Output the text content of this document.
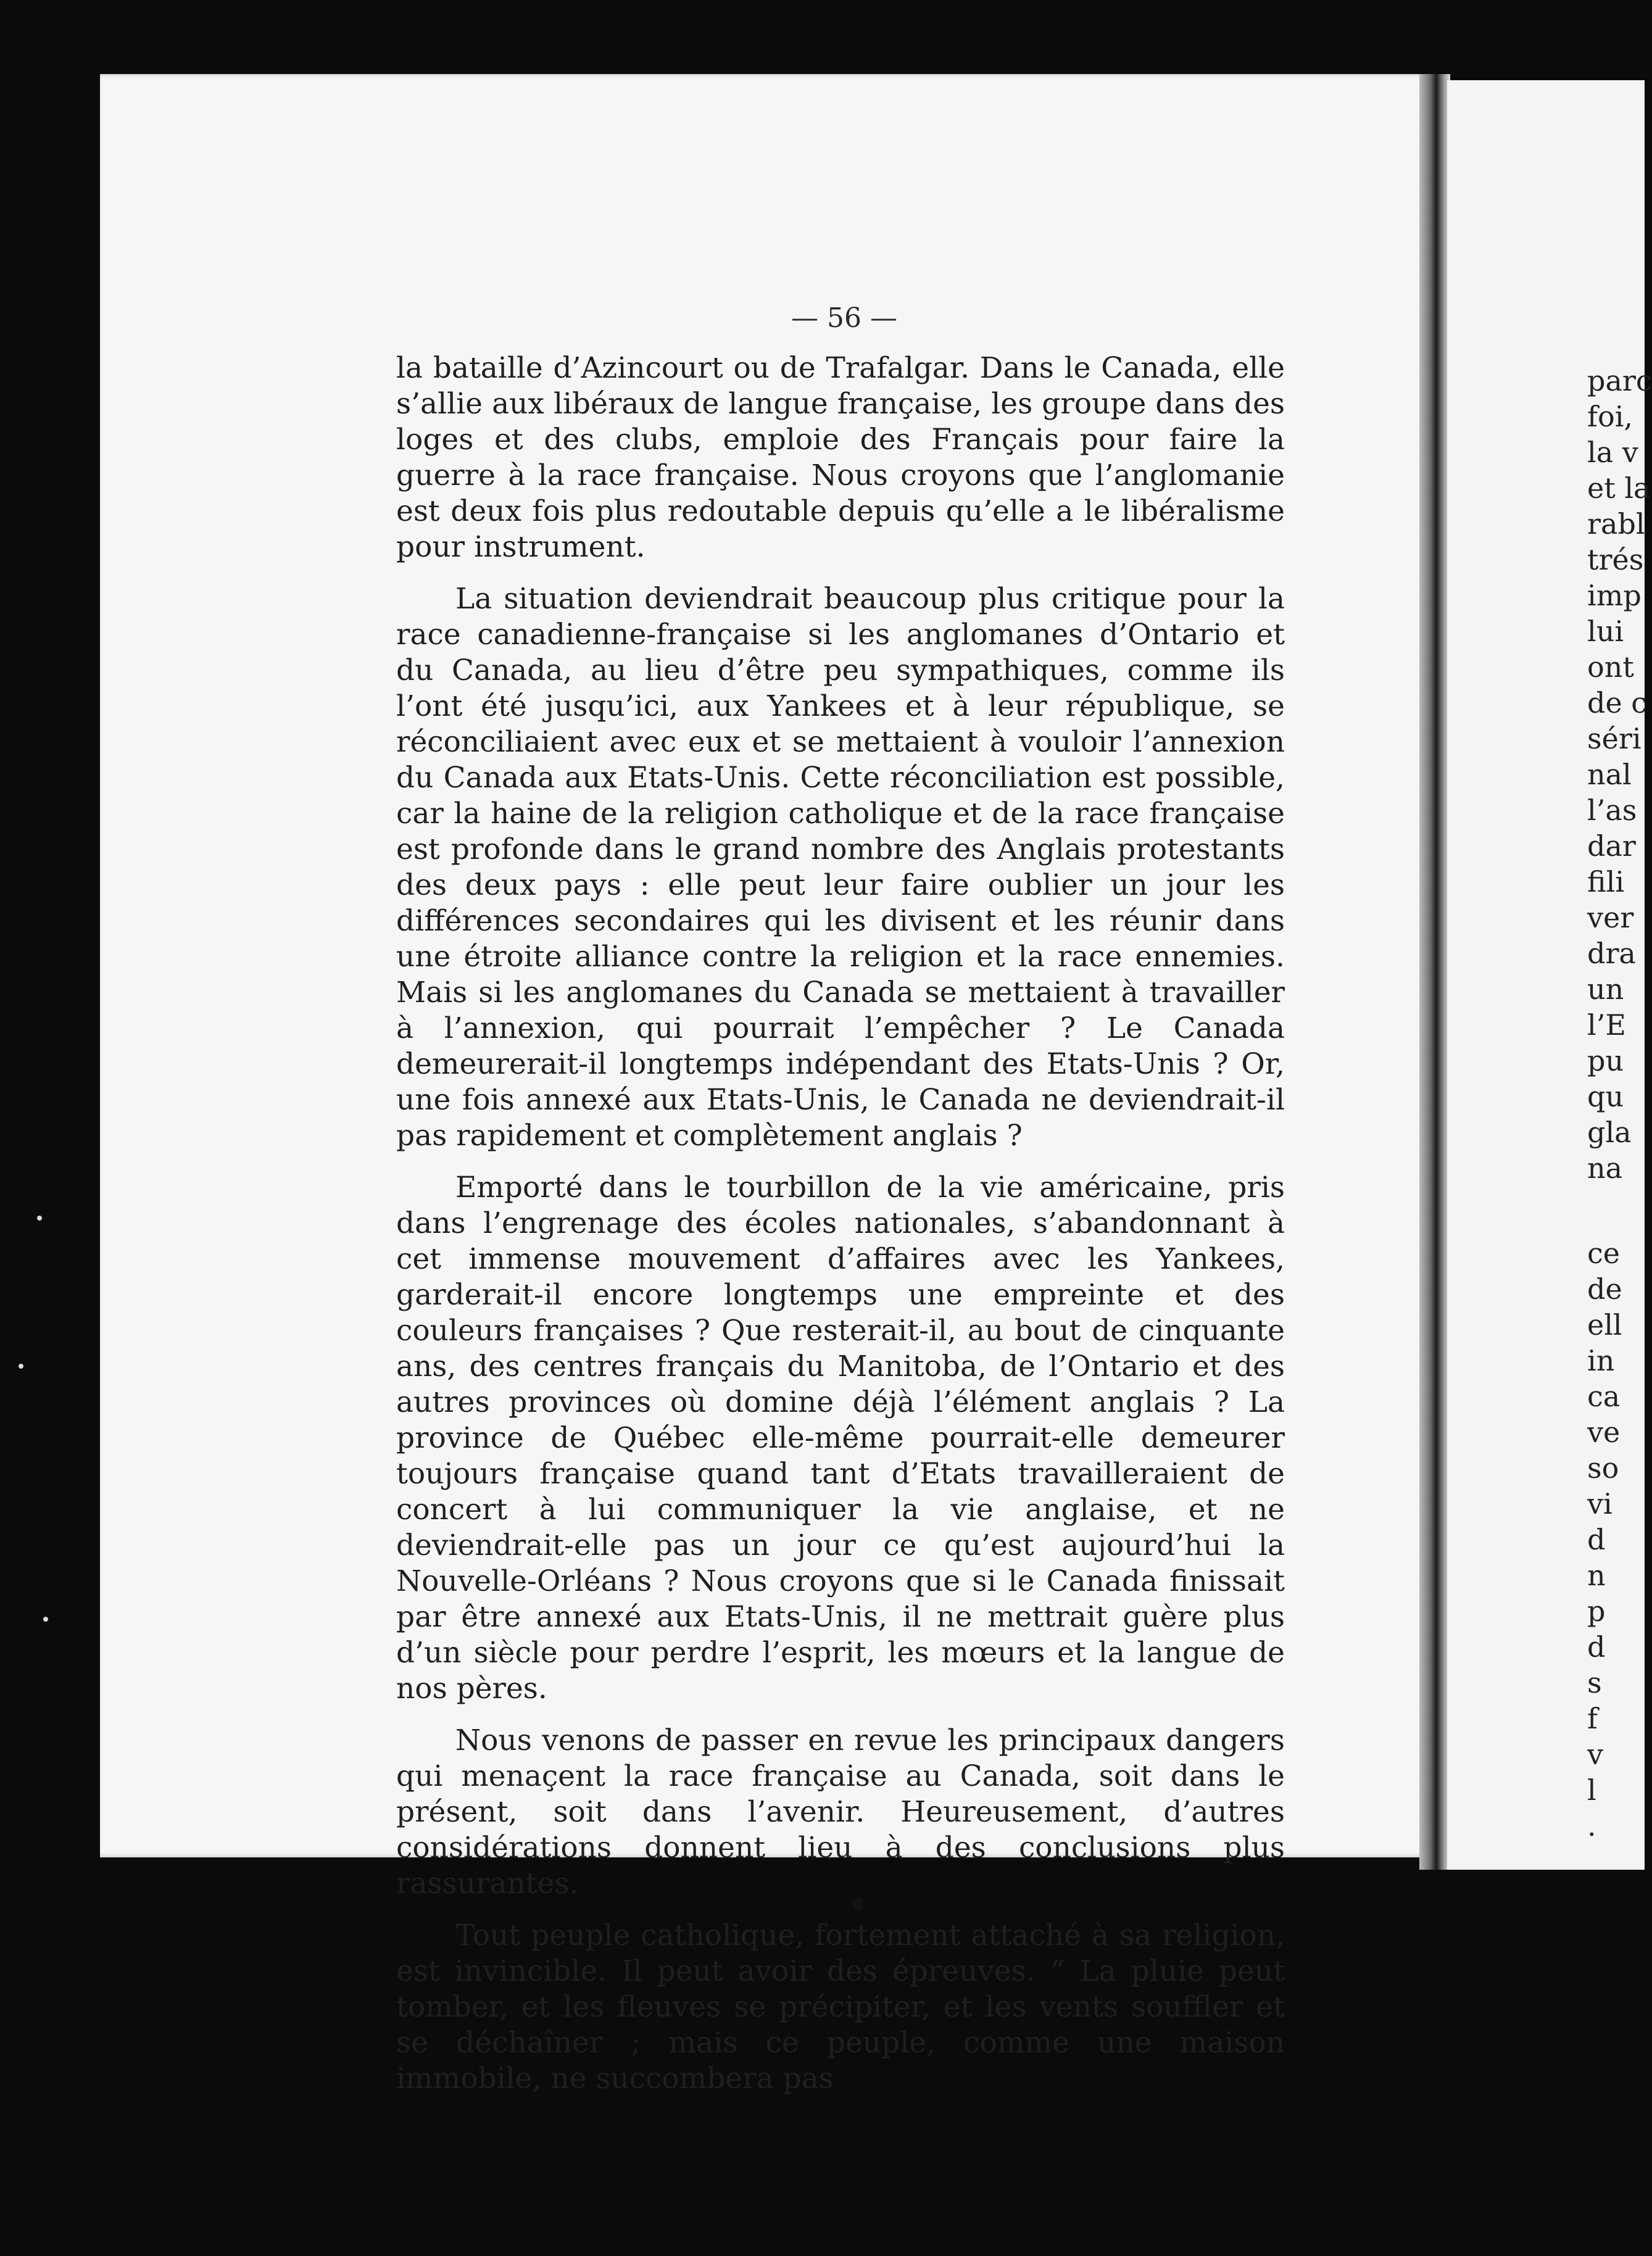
— 56 —

la bataille d’Azincourt ou de Trafalgar. Dans le Canada, elle s’allie aux libéraux de langue française, les groupe dans des loges et des clubs, emploie des Français pour faire la guerre à la race française. Nous croyons que l’anglomanie est deux fois plus redoutable depuis qu’elle a le libéralisme pour instrument.

La situation deviendrait beaucoup plus critique pour la race canadienne-française si les anglomanes d’Ontario et du Canada, au lieu d’être peu sympathiques, comme ils l’ont été jusqu’ici, aux Yankees et à leur république, se réconciliaient avec eux et se mettaient à vouloir l’annexion du Canada aux Etats-Unis. Cette réconciliation est possible, car la haine de la religion catholique et de la race française est profonde dans le grand nombre des Anglais protestants des deux pays : elle peut leur faire oublier un jour les différences secondaires qui les divisent et les réunir dans une étroite alliance contre la religion et la race ennemies. Mais si les anglomanes du Canada se mettaient à travailler à l’annexion, qui pourrait l’empêcher ? Le Canada demeurerait-il longtemps indépendant des Etats-Unis ? Or, une fois annexé aux Etats-Unis, le Canada ne deviendrait-il pas rapidement et complètement anglais ?

Emporté dans le tourbillon de la vie américaine, pris dans l’engrenage des écoles nationales, s’abandonnant à cet immense mouvement d’affaires avec les Yankees, garderait-il encore longtemps une empreinte et des couleurs françaises ? Que resterait-il, au bout de cinquante ans, des centres français du Manitoba, de l’Ontario et des autres provinces où domine déjà l’élément anglais ? La province de Québec elle-même pourrait-elle demeurer toujours française quand tant d’Etats travailleraient de concert à lui communiquer la vie anglaise, et ne deviendrait-elle pas un jour ce qu’est aujourd’hui la Nouvelle-Orléans ? Nous croyons que si le Canada finissait par être annexé aux Etats-Unis, il ne mettrait guère plus d’un siècle pour perdre l’esprit, les mœurs et la langue de nos pères.

Nous venons de passer en revue les principaux dangers qui menaçent la race française au Canada, soit dans le présent, soit dans l’avenir. Heureusement, d’autres considérations donnent lieu à des conclusions plus rassurantes.

Tout peuple catholique, fortement attaché à sa religion, est invincible. Il peut avoir des épreuves. “ La pluie peut tomber, et les fleuves se précipiter, et les vents souffler et se déchaîner ; mais ce peuple, comme une maison immobile, ne succombera pas

parc
foi,
la v
et la
rabl
trés
imp
lui
ont
de c
séri
nal
l’as
dar
fili
ver
dra
un
l’E
pu
qu
gla
na
ce
de
ell
in
ca
ve
so
vi
d
n
p
d
s
f
v
l
.
